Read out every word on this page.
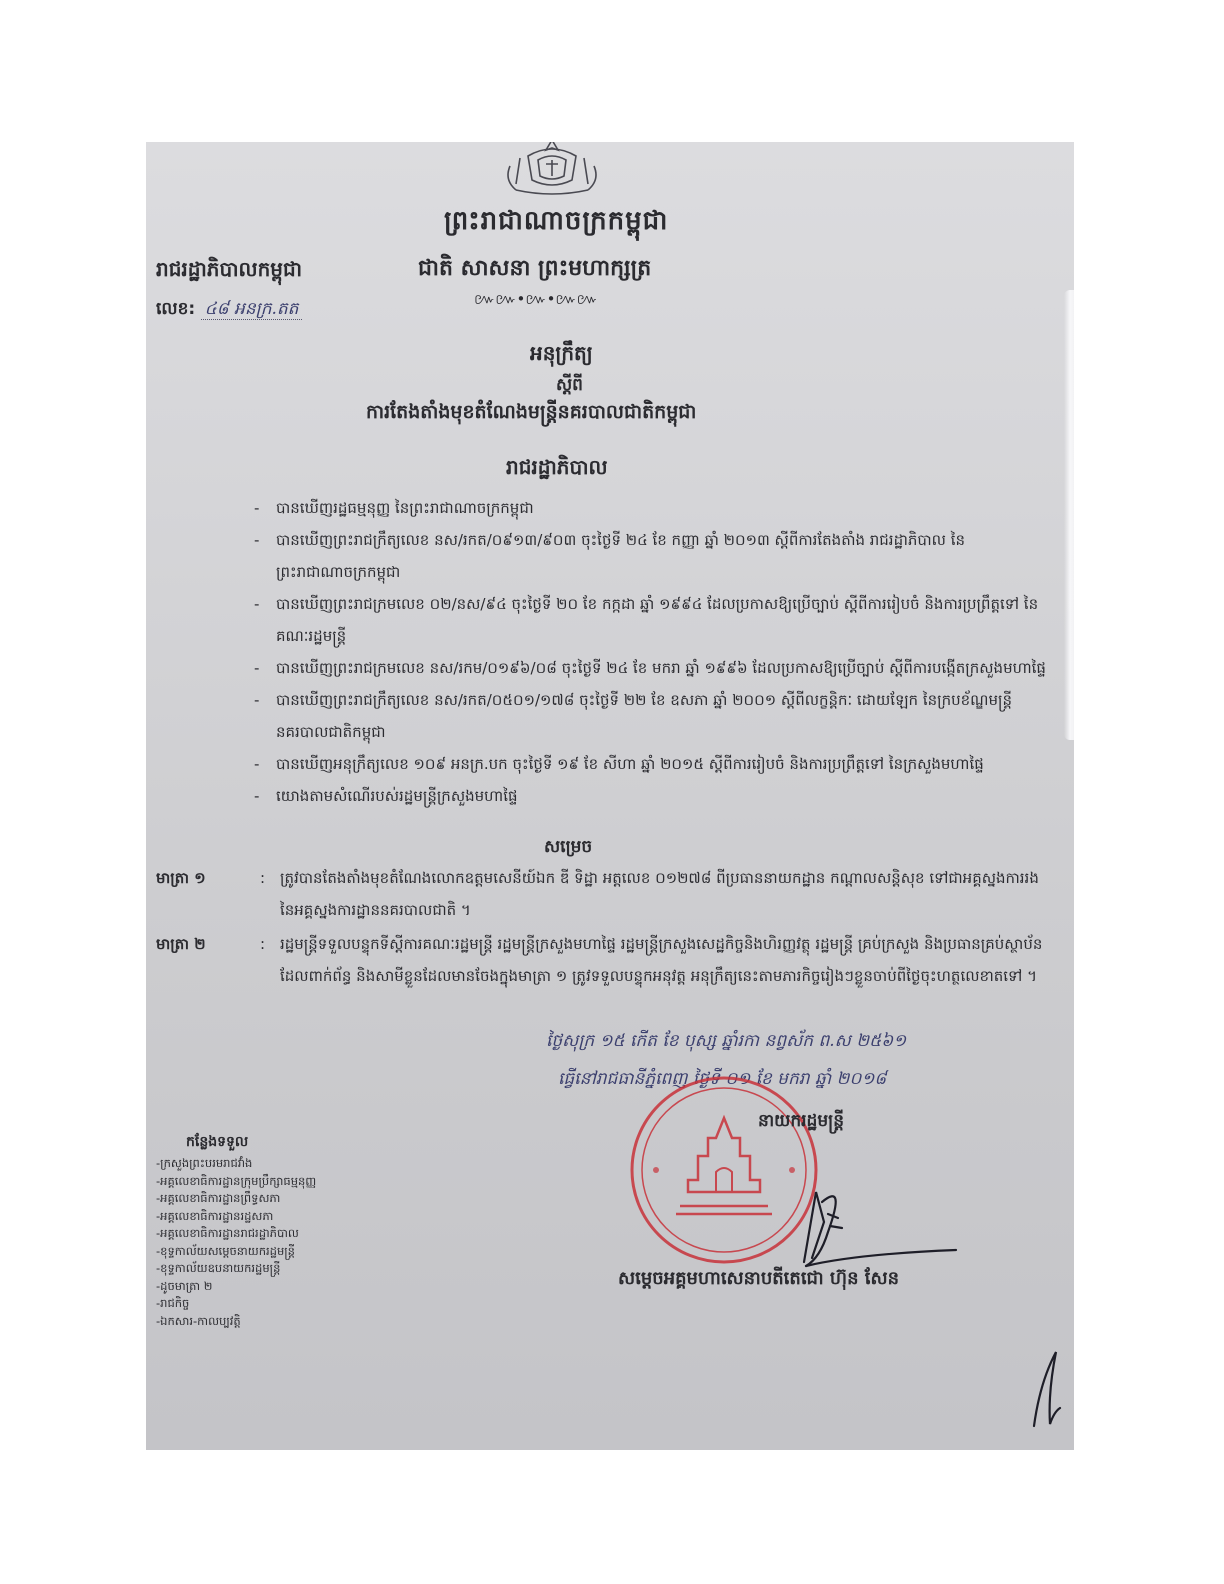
ព្រះរាជាណាចក្រកម្ពុជា
រាជរដ្ឋាភិបាលកម្ពុជា	ជាតិ សាសនា ព្រះមហាក្សត្រ
៚៚•៚•៚៚
លេខ: ៤៨ អនក្រ.តត
អនុក្រឹត្យ
ស្ដីពី
ការតែងតាំងមុខតំណែងមន្ត្រីនគរបាលជាតិកម្ពុជា
រាជរដ្ឋាភិបាល
- បានឃើញរដ្ឋធម្មនុញ្ញ នៃព្រះរាជាណាចក្រកម្ពុជា
- បានឃើញព្រះរាជក្រឹត្យលេខ នស/រកត/០៩១៣/៩០៣ ចុះថ្ងៃទី ២៤ ខែ កញ្ញា ឆ្នាំ ២០១៣ ស្ដីពីការតែងតាំង រាជរដ្ឋាភិបាល នៃព្រះរាជាណាចក្រកម្ពុជា
- បានឃើញព្រះរាជក្រមលេខ ០២/នស/៩៤ ចុះថ្ងៃទី ២០ ខែ កក្កដា ឆ្នាំ ១៩៩៤ ដែលប្រកាសឱ្យប្រើច្បាប់ ស្ដីពីការរៀបចំ និងការប្រព្រឹត្តទៅ នៃគណៈរដ្ឋមន្ត្រី
- បានឃើញព្រះរាជក្រមលេខ នស/រកម/០១៩៦/០៨ ចុះថ្ងៃទី ២៤ ខែ មករា ឆ្នាំ ១៩៩៦ ដែលប្រកាសឱ្យប្រើច្បាប់ ស្ដីពីការបង្កើតក្រសួងមហាផ្ទៃ
- បានឃើញព្រះរាជក្រឹត្យលេខ នស/រកត/០៥០១/១៧៨ ចុះថ្ងៃទី ២២ ខែ ឧសភា ឆ្នាំ ២០០១ ស្ដីពីលក្ខន្តិកៈ ដោយឡែក នៃក្របខ័ណ្ឌមន្ត្រីនគរបាលជាតិកម្ពុជា
- បានឃើញអនុក្រឹត្យលេខ ១០៩ អនក្រ.បក ចុះថ្ងៃទី ១៩ ខែ សីហា ឆ្នាំ ២០១៥ ស្ដីពីការរៀបចំ និងការប្រព្រឹត្តទៅ នៃក្រសួងមហាផ្ទៃ
- យោងតាមសំណើរបស់រដ្ឋមន្ត្រីក្រសួងមហាផ្ទៃ
សម្រេច
មាត្រា ១	: ត្រូវបានតែងតាំងមុខតំណែងលោកឧត្តមសេនីយ៍ឯក ឌី ទិដ្ឋា អត្តលេខ ០១២៧៨ ពីប្រធាននាយកដ្ឋាន កណ្ដាលសន្តិសុខ ទៅជាអគ្គស្នងការរង នៃអគ្គស្នងការដ្ឋាននគរបាលជាតិ ។
មាត្រា ២	: រដ្ឋមន្ត្រីទទួលបន្ទុកទីស្ដីការគណៈរដ្ឋមន្ត្រី រដ្ឋមន្ត្រីក្រសួងមហាផ្ទៃ រដ្ឋមន្ត្រីក្រសួងសេដ្ឋកិច្ចនិងហិរញ្ញវត្ថុ រដ្ឋមន្ត្រី គ្រប់ក្រសួង និងប្រធានគ្រប់ស្ថាប័នដែលពាក់ព័ន្ធ និងសាមីខ្លួនដែលមានចែងក្នុងមាត្រា ១ ត្រូវទទួលបន្ទុកអនុវត្ត អនុក្រឹត្យនេះតាមភារកិច្ចរៀងៗខ្លួនចាប់ពីថ្ងៃចុះហត្ថលេខាតទៅ ។
ថ្ងៃសុក្រ ១៥ កើត ខែ បុស្ស ឆ្នាំរកា នព្វស័ក ព.ស ២៥៦១
ធ្វើនៅរាជធានីភ្នំពេញ ថ្ងៃទី ០១ ខែ មករា ឆ្នាំ ២០១៨
នាយករដ្ឋមន្ត្រី
សម្ដេចអគ្គមហាសេនាបតីតេជោ ហ៊ុន សែន
កន្លែងទទួល
-ក្រសួងព្រះបរមរាជវាំង
-អគ្គលេខាធិការដ្ឋានក្រុមប្រឹក្សាធម្មនុញ្ញ
-អគ្គលេខាធិការដ្ឋានព្រឹទ្ធសភា
-អគ្គលេខាធិការដ្ឋានរដ្ឋសភា
-អគ្គលេខាធិការដ្ឋានរាជរដ្ឋាភិបាល
-ខុទ្ទកាល័យសម្ដេចនាយករដ្ឋមន្ត្រី
-ខុទ្ទកាល័យឧបនាយករដ្ឋមន្ត្រី
-ដូចមាត្រា ២
-រាជកិច្ច
-ឯកសារ-កាលប្បវត្តិ
